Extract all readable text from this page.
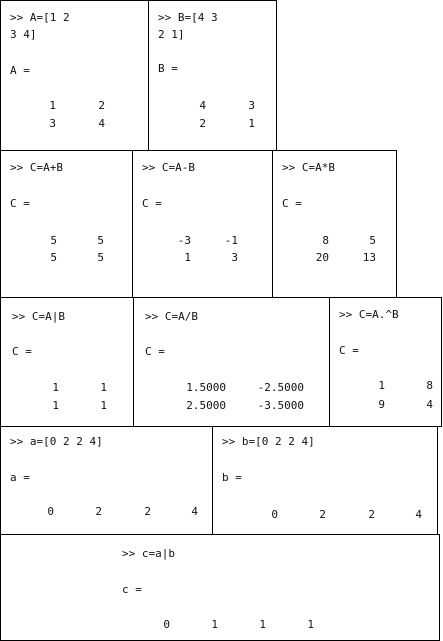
>> A=[1 2
3 4]
A =
1	2
3	4
>> B=[4 3
2 1]
B =
4	3
2	1
>> C=A+B
C =
5	5
5	5
>> C=A-B
C =
-3	-1
1	3
>> C=A*B
C =
8	5
20	13
>> C=A|B
C =
1	1
1	1
>> C=A/B
C =
1.5000	-2.5000
2.5000	-3.5000
>> C=A.^B
C =
1	8
9	4
>> a=[0 2 2 4]
a =
0	2	2	4
>> b=[0 2 2 4]
b =
0	2	2	4
>> c=a|b
c =
0	1	1	1
